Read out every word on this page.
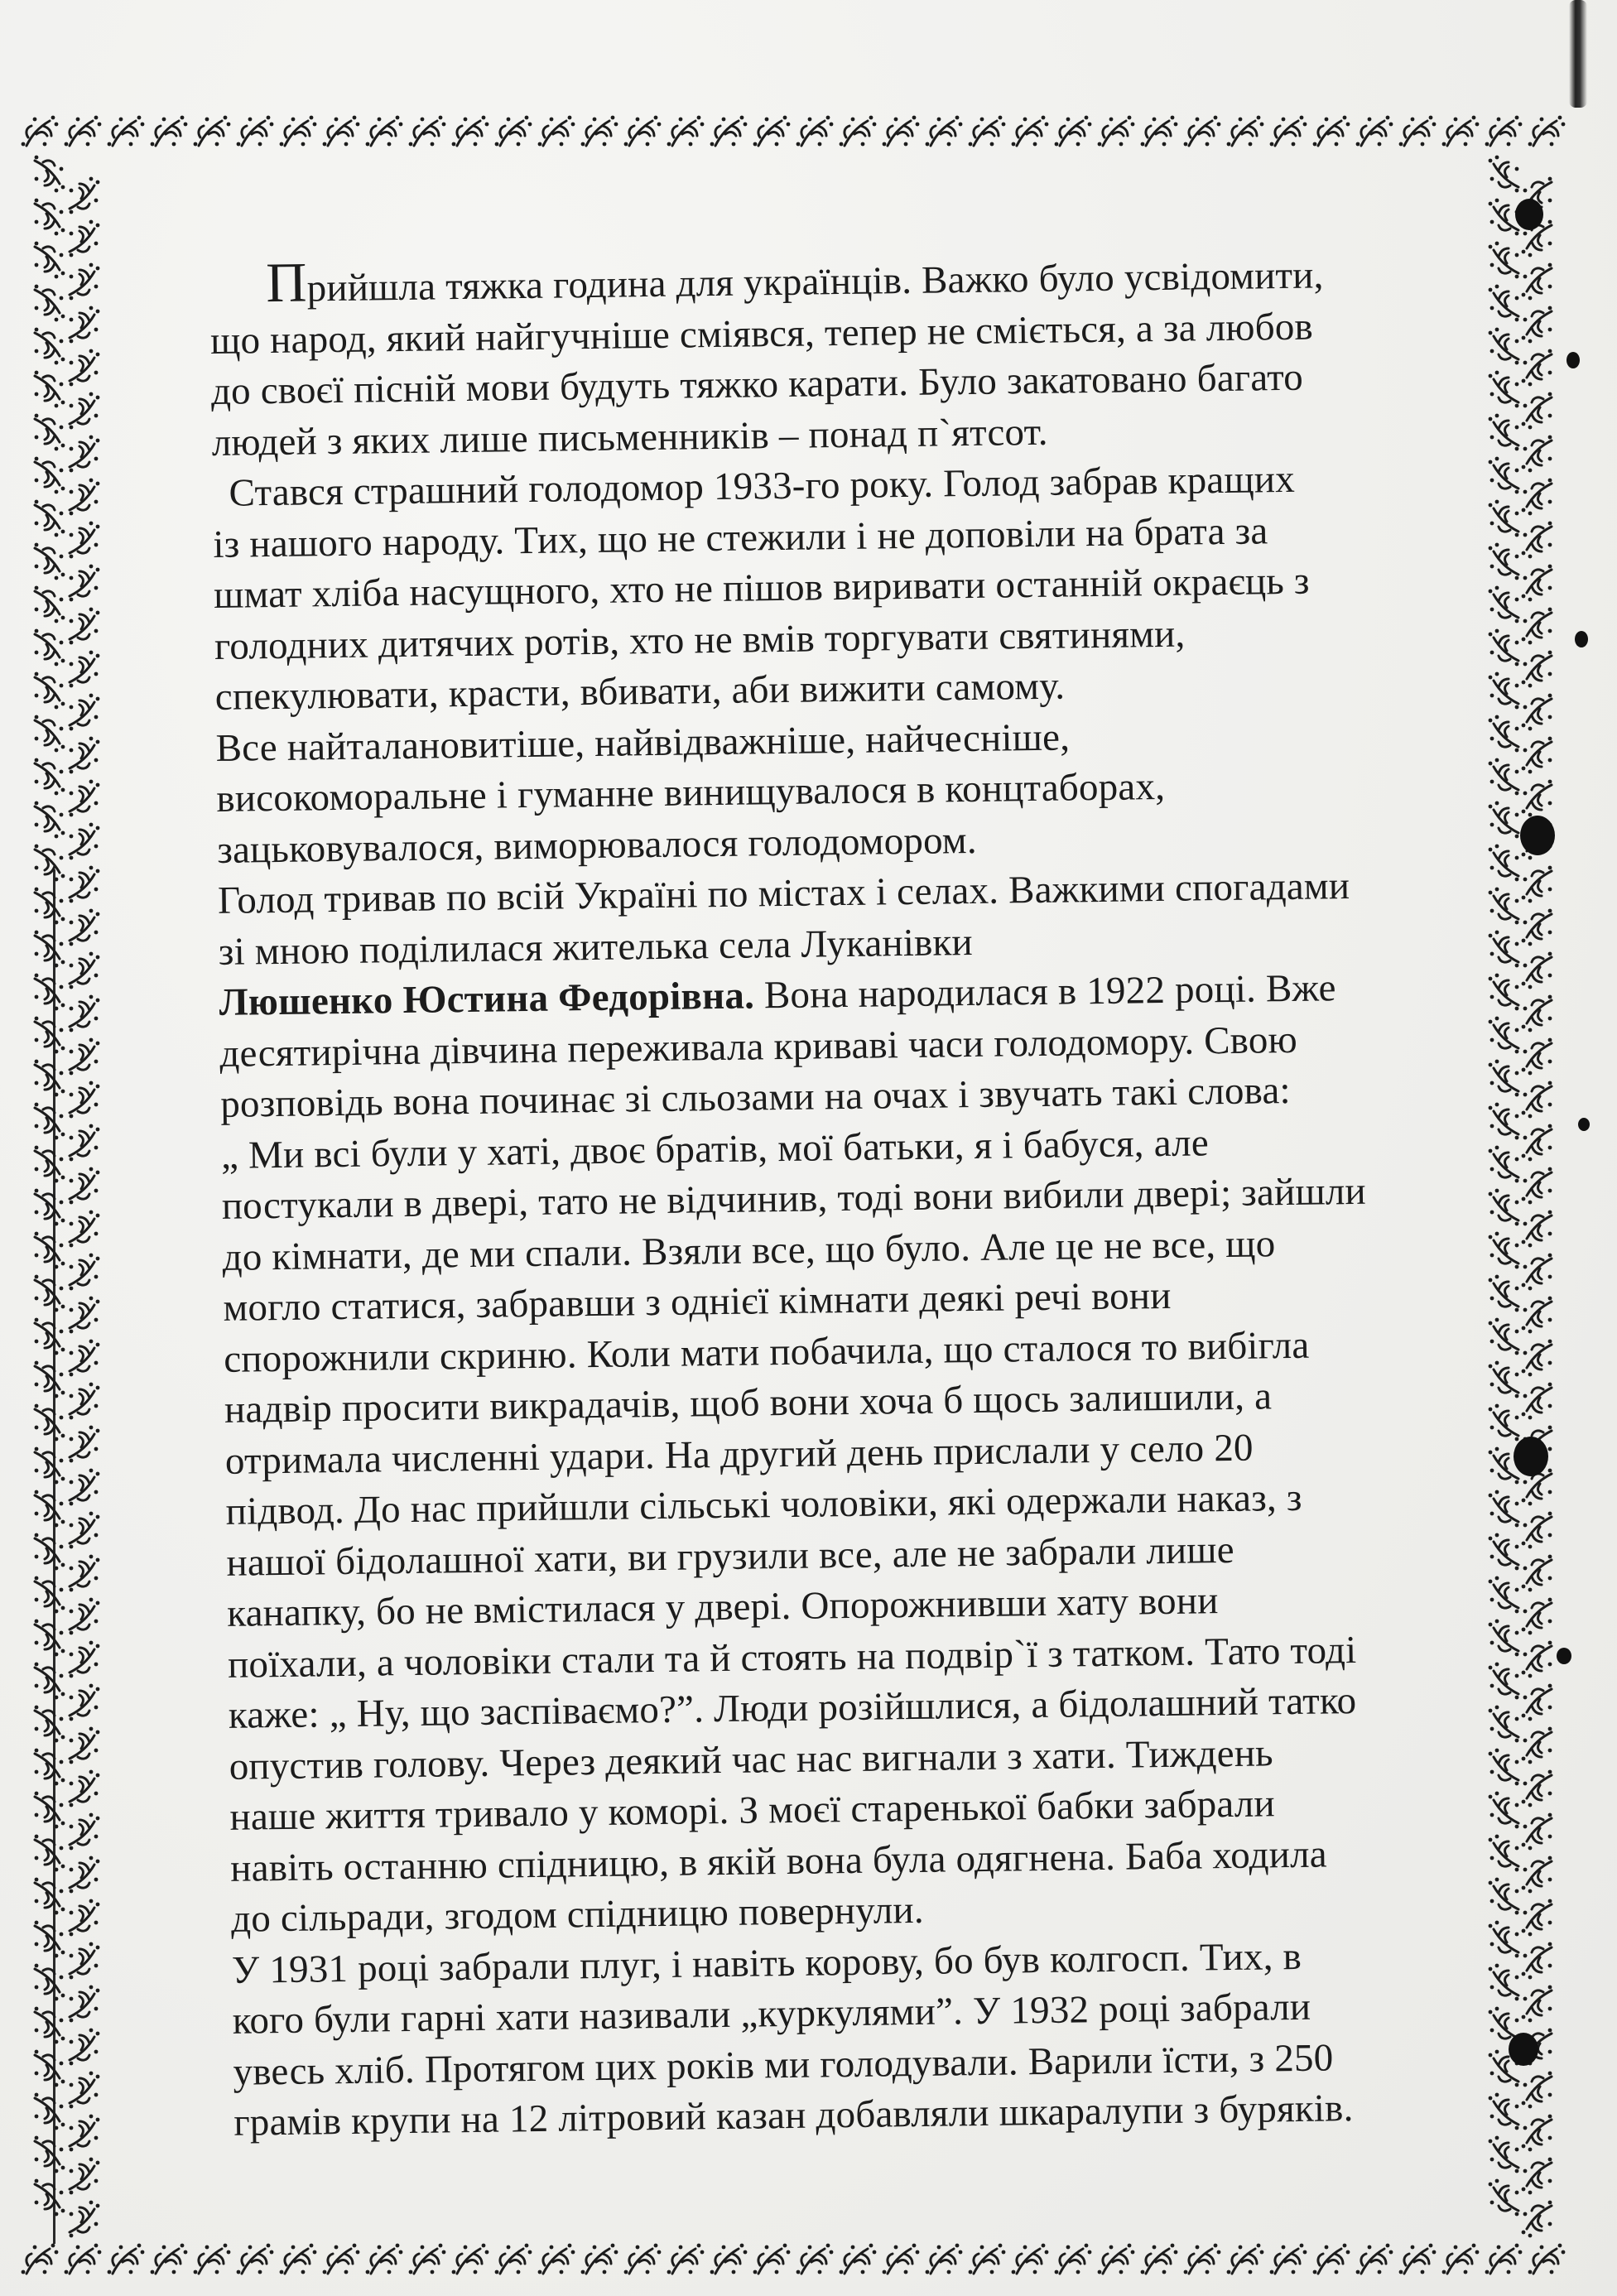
Прийшла тяжка година для українців. Важко було усвідомити,
що народ, який найгучніше сміявся, тепер не сміється, а за любов
до своєї пісній мови будуть тяжко карати. Було закатовано багато
людей з яких лише письменників – понад п`ятсот.
Стався страшний голодомор 1933-го року. Голод забрав кращих
із нашого народу. Тих, що не стежили і не доповіли на брата за
шмат хліба насущного, хто не пішов виривати останній окраєць з
голодних дитячих ротів, хто не вмів торгувати святинями,
спекулювати, красти, вбивати, аби вижити самому.
Все найталановитіше, найвідважніше, найчесніше,
високоморальне і гуманне винищувалося в концтаборах,
зацьковувалося, виморювалося голодомором.
Голод тривав по всій Україні по містах і селах. Важкими спогадами
зі мною поділилася жителька села Луканівки
Люшенко Юстина Федорівна. Вона народилася в 1922 році. Вже
десятирічна дівчина переживала криваві часи голодомору. Свою
розповідь вона починає зі сльозами на очах і звучать такі слова:
„ Ми всі були у хаті, двоє братів, мої батьки, я і бабуся, але
постукали в двері, тато не відчинив, тоді вони вибили двері; зайшли
до кімнати, де ми спали. Взяли все, що було. Але це не все, що
могло статися, забравши з однієї кімнати деякі речі вони
спорожнили скриню. Коли мати побачила, що сталося то вибігла
надвір просити викрадачів, щоб вони хоча б щось залишили, а
отримала численні удари. На другий день прислали у село 20
підвод. До нас прийшли сільські чоловіки, які одержали наказ, з
нашої бідолашної хати, ви грузили все, але не забрали лише
канапку, бо не вмістилася у двері. Опорожнивши хату вони
поїхали, а чоловіки стали та й стоять на подвір`ї з татком. Тато тоді
каже: „ Ну, що заспіваємо?”. Люди розійшлися, а бідолашний татко
опустив голову. Через деякий час нас вигнали з хати. Тиждень
наше життя тривало у коморі. З моєї старенької бабки забрали
навіть останню спідницю, в якій вона була одягнена. Баба ходила
до сільради, згодом спідницю повернули.
У 1931 році забрали плуг, і навіть корову, бо був колгосп. Тих, в
кого були гарні хати називали „куркулями”. У 1932 році забрали
увесь хліб. Протягом цих років ми голодували. Варили їсти, з 250
грамів крупи на 12 літровий казан добавляли шкаралупи з буряків.
